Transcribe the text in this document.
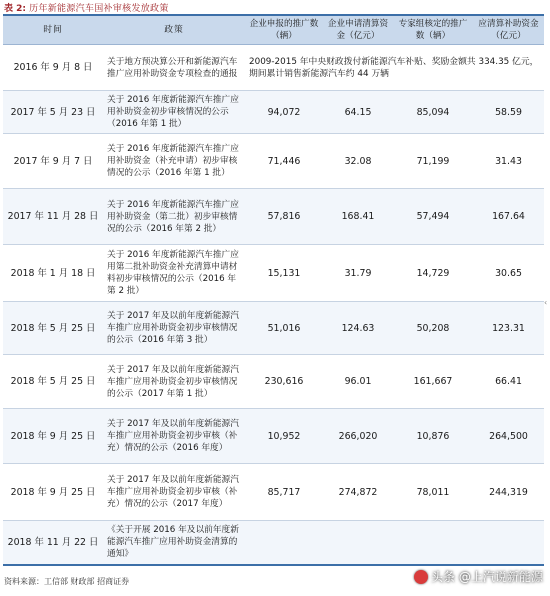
表 2: 历年新能源汽车国补审核发放政策
时间	政策	企业申报的推广数（辆）	企业申请清算资金（亿元）	专家组核定的推广数（辆）	应清算补助资金（亿元）
2016 年 9 月 8 日	关于地方预决算公开和新能源汽车推广应用补助资金专项检查的通报	2009-2015 年中央财政拨付新能源汽车补贴、奖励金额共 334.35 亿元，期间累计销售新能源汽车约 44 万辆			
2017 年 5 月 23 日	关于 2016 年度新能源汽车推广应用补助资金初步审核情况的公示（2016 年第 1 批）	94,072	64.15	85,094	58.59
2017 年 9 月 7 日	关于 2016 年度新能源汽车推广应用补助资金（补充申请）初步审核情况的公示（2016 年第 1 批）	71,446	32.08	71,199	31.43
2017 年 11 月 28 日	关于 2016 年度新能源汽车推广应用补助资金（第二批）初步审核情况的公示（2016 年第 2 批）	57,816	168.41	57,494	167.64
2018 年 1 月 18 日	关于 2016 年度新能源汽车推广应用第二批补助资金补充清算申请材料初步审核情况的公示（2016 年第 2 批）	15,131	31.79	14,729	30.65
2018 年 5 月 25 日	关于 2017 年及以前年度新能源汽车推广应用补助资金初步审核情况的公示（2016 年第 3 批）	51,016	124.63	50,208	123.31
2018 年 5 月 25 日	关于 2017 年及以前年度新能源汽车推广应用补助资金初步审核情况的公示（2017 年第 1 批）	230,616	96.01	161,667	66.41
2018 年 9 月 25 日	关于 2017 年及以前年度新能源汽车推广应用补助资金初步审核（补充）情况的公示（2016 年度）	10,952	266,020	10,876	264,500
2018 年 9 月 25 日	关于 2017 年及以前年度新能源汽车推广应用补助资金初步审核（补充）情况的公示（2017 年度）	85,717	274,872	78,011	244,319
2018 年 11 月 22 日	《关于开展 2016 年及以前年度新能源汽车推广应用补助资金清算的通知》				
‹
资料来源：工信部 财政部 招商证券	头条 @上汽说新能源
